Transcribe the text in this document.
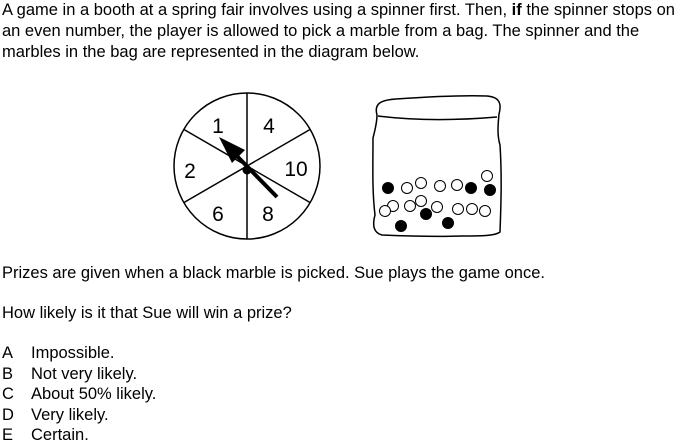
A game in a booth at a spring fair involves using a spinner first. Then, if the spinner stops on an even number, the player is allowed to pick a marble from a bag. The spinner and the marbles in the bag are represented in the diagram below.

1 4
10
8
6
2

Prizes are given when a black marble is picked. Sue plays the game once.

How likely is it that Sue will win a prize?

A	Impossible.
B	Not very likely.
C	About 50% likely.
D	Very likely.
E	Certain.
